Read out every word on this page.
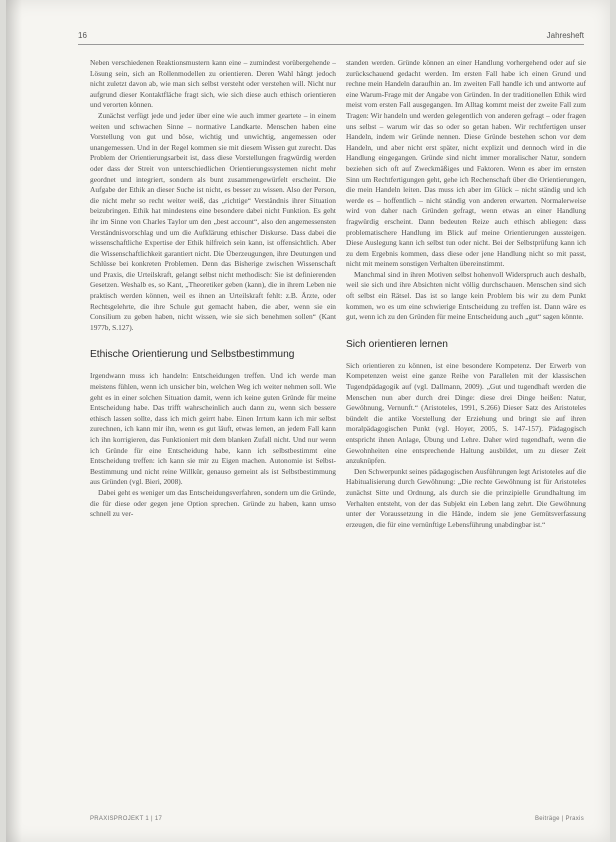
16	Jahresheft

Neben verschiedenen Reaktionsmustern kann eine – zumindest vorübergehende – Lösung sein, sich an Rollenmodellen zu orientieren. Deren Wahl hängt jedoch nicht zuletzt davon ab, wie man sich selbst versteht oder verstehen will. Nicht nur aufgrund dieser Kontaktfläche fragt sich, wie sich diese auch ethisch orientieren und verorten können.

Zunächst verfügt jede und jeder über eine wie auch immer geartete – in einem weiten und schwachen Sinne – normative Landkarte. Menschen haben eine Vorstellung von gut und böse, wichtig und unwichtig, angemessen oder unangemessen. Und in der Regel kommen sie mit diesem Wissen gut zurecht. Das Problem der Orientierungsarbeit ist, dass diese Vorstellungen fragwürdig werden oder dass der Streit von unterschiedlichen Orientierungssystemen nicht mehr geordnet und integriert, sondern als bunt zusammengewürfelt erscheint. Die Aufgabe der Ethik an dieser Suche ist nicht, es besser zu wissen. Also der Person, die nicht mehr so recht weiter weiß, das „richtige“ Verständnis ihrer Situation beizubringen. Ethik hat mindestens eine besondere dabei nicht Funktion. Es geht ihr im Sinne von Charles Taylor um den „best account“, also den angemessensten Verständnisvorschlag und um die Aufklärung ethischer Diskurse. Dass dabei die wissenschaftliche Expertise der Ethik hilfreich sein kann, ist offensichtlich. Aber die Wissenschaftlichkeit garantiert nicht. Die Überzeugungen, ihre Deutungen und Schlüsse bei konkreten Problemen. Denn das Bisherige zwischen Wissenschaft und Praxis, die Urteilskraft, gelangt selbst nicht methodisch: Sie ist definierenden Gesetzen. Weshalb es, so Kant, „Theoretiker geben (kann), die in ihrem Leben nie praktisch werden können, weil es ihnen an Urteilskraft fehlt: z.B. Ärzte, oder Rechtsgelehrte, die ihre Schule gut gemacht haben, die aber, wenn sie ein Consilium zu geben haben, nicht wissen, wie sie sich benehmen sollen“ (Kant 1977b, S.127).

Ethische Orientierung und Selbstbestimmung

Irgendwann muss ich handeln: Entscheidungen treffen. Und ich werde man meistens fühlen, wenn ich unsicher bin, welchen Weg ich weiter nehmen soll. Wie geht es in einer solchen Situation damit, wenn ich keine guten Gründe für meine Entscheidung habe. Das trifft wahrscheinlich auch dann zu, wenn sich bessere ethisch lassen sollte, dass ich mich geirrt habe. Einen Irrtum kann ich mir selbst zurechnen, ich kann mir ihn, wenn es gut läuft, etwas lernen, an jedem Fall kann ich ihn korrigieren, das Funktioniert mit dem blanken Zufall nicht. Und nur wenn ich Gründe für eine Entscheidung habe, kann ich selbstbestimmt eine Entscheidung treffen: ich kann sie mir zu Eigen machen. Autonomie ist Selbst-Bestimmung und nicht reine Willkür, genauso gemeint als ist Selbstbestimmung aus Gründen (vgl. Bieri, 2008).

Dabei geht es weniger um das Entscheidungsverfahren, sondern um die Gründe, die für diese oder gegen jene Option sprechen. Gründe zu haben, kann umso schnell zu ver-

standen werden. Gründe können an einer Handlung vorhergehend oder auf sie zurückschauend gedacht werden. Im ersten Fall habe ich einen Grund und rechne mein Handeln daraufhin an. Im zweiten Fall handle ich und antworte auf eine Warum-Frage mit der Angabe von Gründen. In der traditionellen Ethik wird meist vom ersten Fall ausgegangen. Im Alltag kommt meist der zweite Fall zum Tragen: Wir handeln und werden gelegentlich von anderen gefragt – oder fragen uns selbst – warum wir das so oder so getan haben. Wir rechtfertigen unser Handeln, indem wir Gründe nennen. Diese Gründe bestehen schon vor dem Handeln, und aber nicht erst später, nicht explizit und dennoch wird in die Handlung eingegangen. Gründe sind nicht immer moralischer Natur, sondern beziehen sich oft auf Zweckmäßiges und Faktoren. Wenn es aber im ernsten Sinn um Rechtfertigungen geht, gehe ich Rechenschaft über die Orientierungen, die mein Handeln leiten. Das muss ich aber im Glück – nicht ständig und ich werde es – hoffentlich – nicht ständig von anderen erwarten. Normalerweise wird von daher nach Gründen gefragt, wenn etwas an einer Handlung fragwürdig erscheint. Dann bedeuten Reize auch ethisch abliegen: dass problematischere Handlung im Blick auf meine Orientierungen aussteigen. Diese Auslegung kann ich selbst tun oder nicht. Bei der Selbstprüfung kann ich zu dem Ergebnis kommen, dass diese oder jene Handlung nicht so mit passt, nicht mit meinem sonstigen Verhalten übereinstimmt.

Manchmal sind in ihren Motiven selbst hohenvoll Widerspruch auch deshalb, weil sie sich und ihre Absichten nicht völlig durchschauen. Menschen sind sich oft selbst ein Rätsel. Das ist so lange kein Problem bis wir zu dem Punkt kommen, wo es um eine schwierige Entscheidung zu treffen ist. Dann wäre es gut, wenn ich zu den Gründen für meine Entscheidung auch „gut“ sagen könnte.

Sich orientieren lernen

Sich orientieren zu können, ist eine besondere Kompetenz. Der Erwerb von Kompetenzen weist eine ganze Reihe von Parallelen mit der klassischen Tugendpädagogik auf (vgl. Dallmann, 2009). „Gut und tugendhaft werden die Menschen nun aber durch drei Dinge: diese drei Dinge heißen: Natur, Gewöhnung, Vernunft.“ (Aristoteles, 1991, S.266) Dieser Satz des Aristoteles bündelt die antike Vorstellung der Erziehung und bringt sie auf ihren moralpädagogischen Punkt (vgl. Hoyer, 2005, S. 147-157). Pädagogisch entspricht ihnen Anlage, Übung und Lehre. Daher wird tugendhaft, wenn die Gewohnheiten eine entsprechende Haltung ausbildet, um zu dieser Zeit anzuknüpfen.

Den Schwerpunkt seines pädagogischen Ausführungen legt Aristoteles auf die Habitualisierung durch Gewöhnung: „Die rechte Gewöhnung ist für Aristoteles zunächst Sitte und Ordnung, als durch sie die prinzipielle Grundhaltung im Verhalten entsteht, von der das Subjekt ein Leben lang zehrt. Die Gewöhnung unter der Voraussetzung in die Hände, indem sie jene Gemütsverfassung erzeugen, die für eine vernünftige Lebensführung unabdingbar ist.“

PRAXISPROJEKT 1 | 17	Beiträge | Praxis
